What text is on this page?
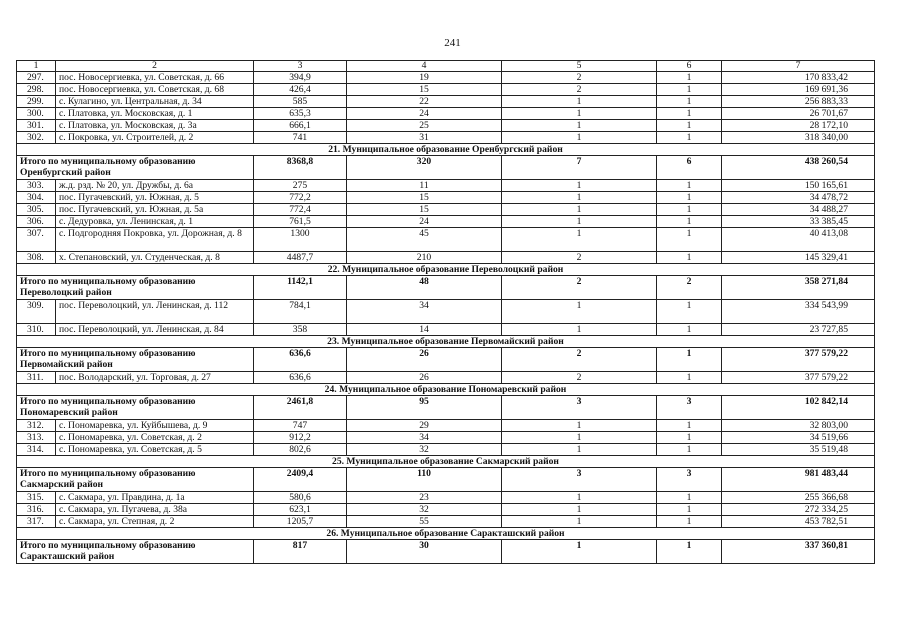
241
1	2	3	4	5	6	7
297.	пос. Новосергиевка, ул. Советская, д. 66	394,9	19	2	1	170 833,42
298.	пос. Новосергиевка, ул. Советская, д. 68	426,4	15	2	1	169 691,36
299.	с. Кулагино, ул. Центральная, д. 34	585	22	1	1	256 883,33
300.	с. Платовка, ул. Московская, д. 1	635,3	24	1	1	26 701,67
301.	с. Платовка, ул. Московская, д. 3а	666,1	25	1	1	28 172,10
302.	с. Покровка, ул. Строителей, д. 2	741	31	1	1	318 340,00
21. Муниципальное образование Оренбургский район						
Итого по муниципальному образованию Оренбургский район		8368,8	320	7	6	438 260,54
303.	ж.д. рзд. № 20, ул. Дружбы, д. 6а	275	11	1	1	150 165,61
304.	пос. Пугачевский, ул. Южная, д. 5	772,2	15	1	1	34 478,72
305.	пос. Пугачевский, ул. Южная, д. 5а	772,4	15	1	1	34 488,27
306.	с. Дедуровка, ул. Ленинская, д. 1	761,5	24	1	1	33 385,45
307.	с. Подгородняя Покровка, ул. Дорожная, д. 8	1300	45	1	1	40 413,08
308.	х. Степановский, ул. Студенческая, д. 8	4487,7	210	2	1	145 329,41
22. Муниципальное образование Переволоцкий район						
Итого по муниципальному образованию Переволоцкий район		1142,1	48	2	2	358 271,84
309.	пос. Переволоцкий, ул. Ленинская, д. 112	784,1	34	1	1	334 543,99
310.	пос. Переволоцкий, ул. Ленинская, д. 84	358	14	1	1	23 727,85
23. Муниципальное образование Первомайский район						
Итого по муниципальному образованию Первомайский район		636,6	26	2	1	377 579,22
311.	пос. Володарский, ул. Торговая, д. 27	636,6	26	2	1	377 579,22
24. Муниципальное образование Пономаревский район						
Итого по муниципальному образованию Пономаревский район		2461,8	95	3	3	102 842,14
312.	с. Пономаревка, ул. Куйбышева, д. 9	747	29	1	1	32 803,00
313.	с. Пономаревка, ул. Советская, д. 2	912,2	34	1	1	34 519,66
314.	с. Пономаревка, ул. Советская, д. 5	802,6	32	1	1	35 519,48
25. Муниципальное образование Сакмарский район						
Итого по муниципальному образованию Сакмарский район		2409,4	110	3	3	981 483,44
315.	с. Сакмара, ул. Правдина, д. 1а	580,6	23	1	1	255 366,68
316.	с. Сакмара, ул. Пугачева, д. 38а	623,1	32	1	1	272 334,25
317.	с. Сакмара, ул. Степная, д. 2	1205,7	55	1	1	453 782,51
26. Муниципальное образование Саракташский район						
Итого по муниципальному образованию Саракташский район		817	30	1	1	337 360,81
